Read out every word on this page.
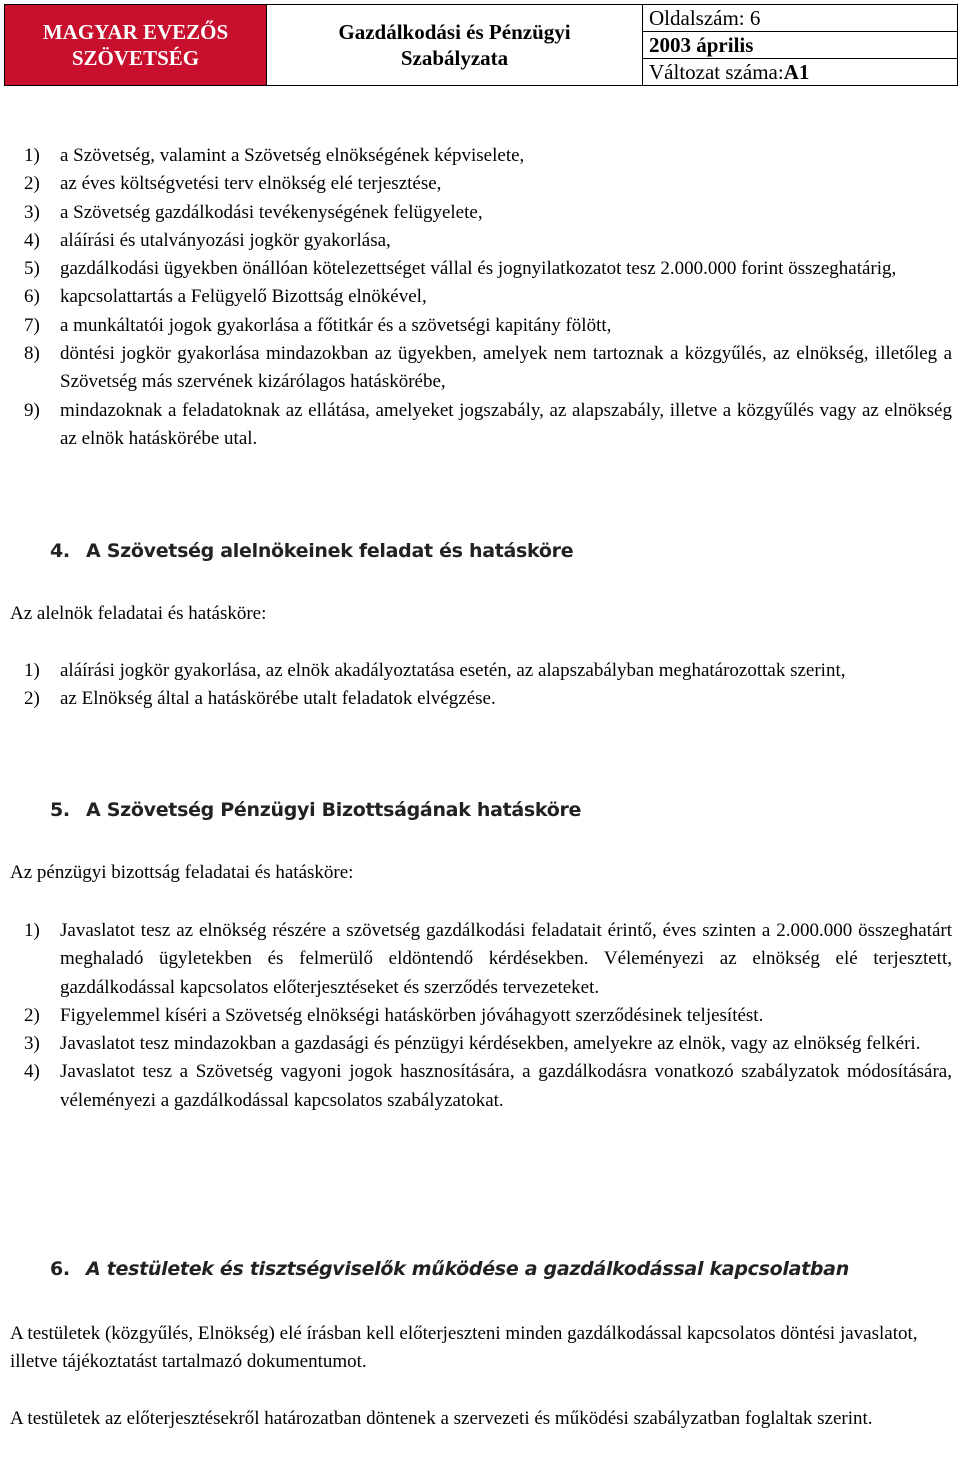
MAGYAR EVEZŐS
SZÖVETSÉG
Gazdálkodási és Pénzügyi
Szabályzata
Oldalszám: 6
2003 április
Változat száma: A1
1)	a Szövetség, valamint a Szövetség elnökségének képviselete,
2)	az éves költségvetési terv elnökség elé terjesztése,
3)	a Szövetség gazdálkodási tevékenységének felügyelete,
4)	aláírási és utalványozási jogkör gyakorlása,
5)	gazdálkodási ügyekben önállóan kötelezettséget vállal és jognyilatkozatot tesz 2.000.000 forint összeghatárig,
6)	kapcsolattartás a Felügyelő Bizottság elnökével,
7)	a munkáltatói jogok gyakorlása a főtitkár és a szövetségi kapitány fölött,
8)	döntési jogkör gyakorlása mindazokban az ügyekben, amelyek nem tartoznak a közgyűlés, az elnökség, illetőleg a Szövetség más szervének kizárólagos hatáskörébe,
9)	mindazoknak a feladatoknak az ellátása, amelyeket jogszabály, az alapszabály, illetve a közgyűlés vagy az elnökség az elnök hatáskörébe utal.
4. A Szövetség alelnökeinek feladat és hatásköre
Az alelnök feladatai és hatásköre:
1)	aláírási jogkör gyakorlása, az elnök akadályoztatása esetén, az alapszabályban meghatározottak szerint,
2)	az Elnökség által a hatáskörébe utalt feladatok elvégzése.
5. A Szövetség Pénzügyi Bizottságának hatásköre
Az pénzügyi bizottság feladatai és hatásköre:
1)	Javaslatot tesz az elnökség részére a szövetség gazdálkodási feladatait érintő, éves szinten a 2.000.000 összeghatárt meghaladó ügyletekben és felmerülő eldöntendő kérdésekben. Véleményezi az elnökség elé terjesztett, gazdálkodással kapcsolatos előterjesztéseket és szerződés tervezeteket.
2)	Figyelemmel kíséri a Szövetség elnökségi hatáskörben jóváhagyott szerződésinek teljesítést.
3)	Javaslatot tesz mindazokban a gazdasági és pénzügyi kérdésekben, amelyekre az elnök, vagy az elnökség felkéri.
4)	Javaslatot tesz a Szövetség vagyoni jogok hasznosítására, a gazdálkodásra vonatkozó szabályzatok módosítására, véleményezi a gazdálkodással kapcsolatos szabályzatokat.
6. A testületek és tisztségviselők működése a gazdálkodással kapcsolatban
A testületek (közgyűlés, Elnökség) elé írásban kell előterjeszteni minden gazdálkodással kapcsolatos döntési javaslatot, illetve tájékoztatást tartalmazó dokumentumot.
A testületek az előterjesztésekről határozatban döntenek a szervezeti és működési szabályzatban foglaltak szerint.
